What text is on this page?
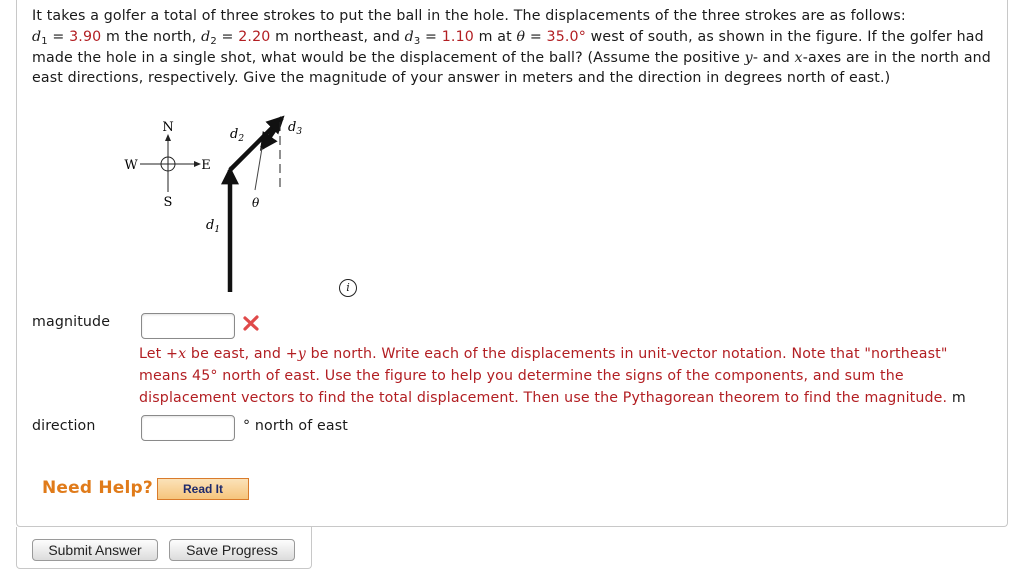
It takes a golfer a total of three strokes to put the ball in the hole. The displacements of the three strokes are as follows:
$d_1 = 3.90$ m the north, $d_2 = 2.20$ m northeast, and $d_3 = 1.10$ m at θ = 35.0° west of south, as shown in the figure. If the golfer had made the hole in a single shot, what would be the displacement of the ball? (Assume the positive y- and x-axes are in the north and east directions, respectively. Give the magnitude of your answer in meters and the direction in degrees north of east.)
N
S
W	E
$d_2$
$d_3$
$d_1$
θ
i
magnitude
Let +x be east, and +y be north. Write each of the displacements in unit-vector notation. Note that "northeast" means 45° north of east. Use the figure to help you determine the signs of the components, and sum the displacement vectors to find the total displacement. Then use the Pythagorean theorem to find the magnitude. m
direction	° north of east
Need Help?	Read It
Submit Answer	Save Progress
